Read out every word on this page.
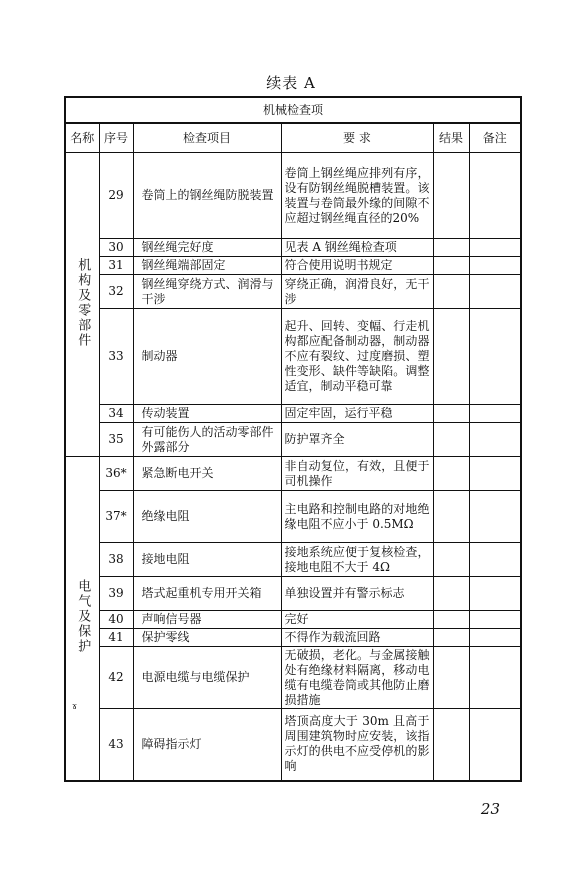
续表 A
机械检查项					
名称	序号	检查项目	要 求	结果	备注
机构及零部件	29	卷筒上的钢丝绳防脱装置	卷筒上钢丝绳应排列有序，设有防钢丝绳脱槽装置。该装置与卷筒最外缘的间隙不应超过钢丝绳直径的20%		
	30	钢丝绳完好度	见表 A 钢丝绳检查项		
	31	钢丝绳端部固定	符合使用说明书规定		
	32	钢丝绳穿绕方式、润滑与干涉	穿绕正确，润滑良好，无干涉		
	33	制动器	起升、回转、变幅、行走机构都应配备制动器，制动器不应有裂纹、过度磨损、塑性变形、缺件等缺陷。调整适宜，制动平稳可靠		
	34	传动装置	固定牢固，运行平稳		
	35	有可能伤人的活动零部件外露部分	防护罩齐全		
电气及保护	36*	紧急断电开关	非自动复位，有效，且便于司机操作		
	37*	绝缘电阻	主电路和控制电路的对地绝缘电阻不应小于 0.5MΩ		
	38	接地电阻	接地系统应便于复核检查，接地电阻不大于 4Ω		
	39	塔式起重机专用开关箱	单独设置并有警示标志		
	40	声响信号器	完好		
	41	保护零线	不得作为载流回路		
	42	电源电缆与电缆保护	无破损，老化。与金属接触处有绝缘材料隔离，移动电缆有电缆卷筒或其他防止磨损措施		
	43	障碍指示灯	塔顶高度大于 30m 且高于周围建筑物时应安装，该指示灯的供电不应受停机的影响		
ɤ
23
